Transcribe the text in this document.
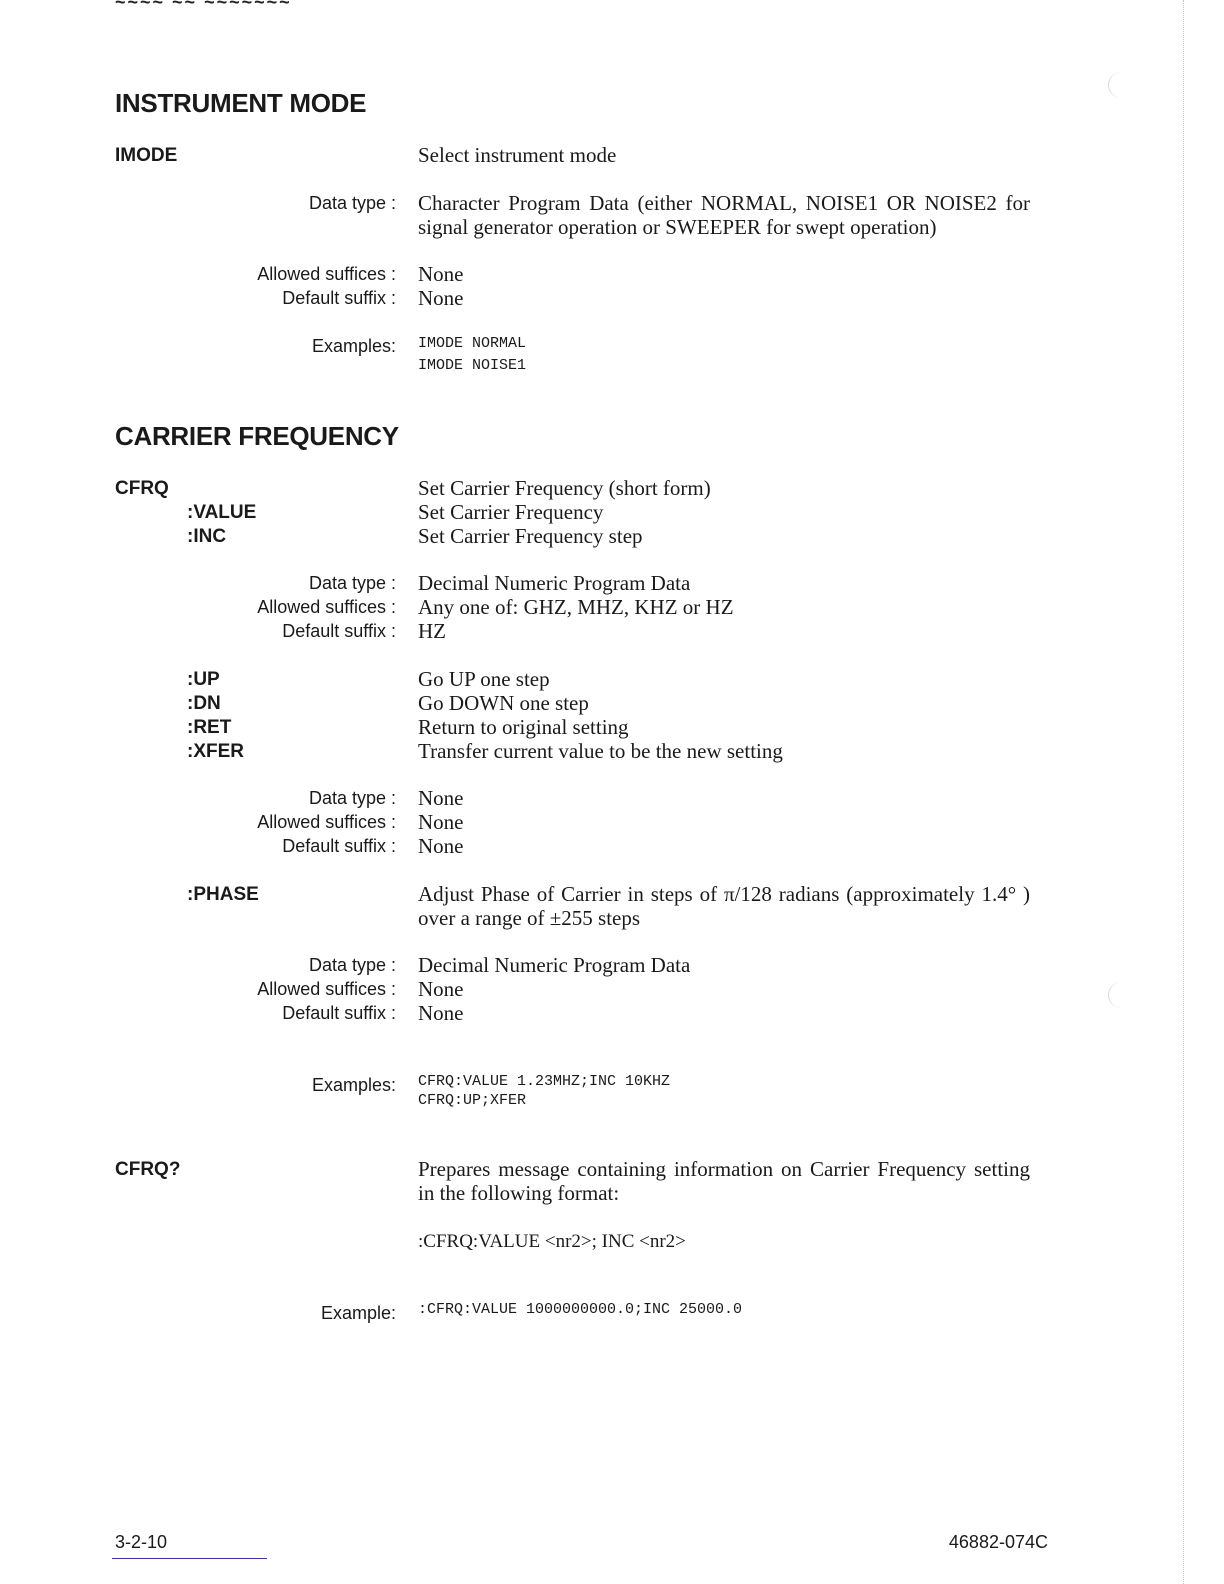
~~~~ ~~ ~~~~~~~
INSTRUMENT MODE
IMODE	Select instrument mode
Data type : Character Program Data (either NORMAL, NOISE1 OR NOISE2 for signal generator operation or SWEEPER for swept operation)
Allowed suffices : None
Default suffix : None
Examples: IMODE NORMAL
IMODE NOISE1
CARRIER FREQUENCY
CFRQ	Set Carrier Frequency (short form)
:VALUE	Set Carrier Frequency
:INC	Set Carrier Frequency step
Data type : Decimal Numeric Program Data
Allowed suffices : Any one of: GHZ, MHZ, KHZ or HZ
Default suffix : HZ
:UP	Go UP one step
:DN	Go DOWN one step
:RET	Return to original setting
:XFER	Transfer current value to be the new setting
Data type : None
Allowed suffices : None
Default suffix : None
:PHASE	Adjust Phase of Carrier in steps of π/128 radians (approximately 1.4° ) over a range of ±255 steps
Data type : Decimal Numeric Program Data
Allowed suffices : None
Default suffix : None
Examples: CFRQ:VALUE 1.23MHZ;INC 10KHZ
CFRQ:UP;XFER
CFRQ?	Prepares message containing information on Carrier Frequency setting in the following format:
:CFRQ:VALUE <nr2>; INC <nr2>
Example: :CFRQ:VALUE 1000000000.0;INC 25000.0
3-2-10	46882-074C
